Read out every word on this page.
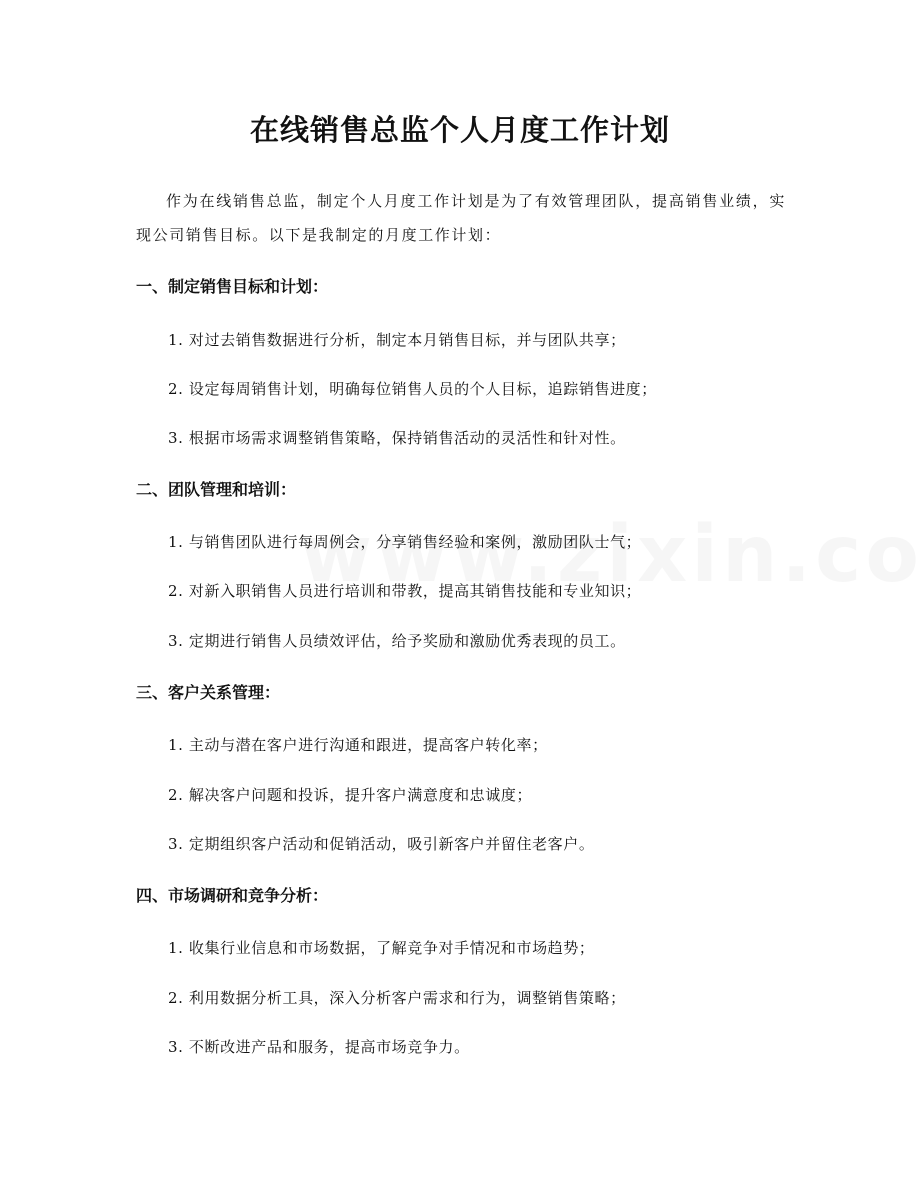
在线销售总监个人月度工作计划
作为在线销售总监，制定个人月度工作计划是为了有效管理团队，提高销售业绩，实现公司销售目标。以下是我制定的月度工作计划：
一、制定销售目标和计划：
1. 对过去销售数据进行分析，制定本月销售目标，并与团队共享；
2. 设定每周销售计划，明确每位销售人员的个人目标，追踪销售进度；
3. 根据市场需求调整销售策略，保持销售活动的灵活性和针对性。
二、团队管理和培训：
1. 与销售团队进行每周例会，分享销售经验和案例，激励团队士气；
2. 对新入职销售人员进行培训和带教，提高其销售技能和专业知识；
3. 定期进行销售人员绩效评估，给予奖励和激励优秀表现的员工。
三、客户关系管理：
1. 主动与潜在客户进行沟通和跟进，提高客户转化率；
2. 解决客户问题和投诉，提升客户满意度和忠诚度；
3. 定期组织客户活动和促销活动，吸引新客户并留住老客户。
四、市场调研和竞争分析：
1. 收集行业信息和市场数据，了解竞争对手情况和市场趋势；
2. 利用数据分析工具，深入分析客户需求和行为，调整销售策略；
3. 不断改进产品和服务，提高市场竞争力。
